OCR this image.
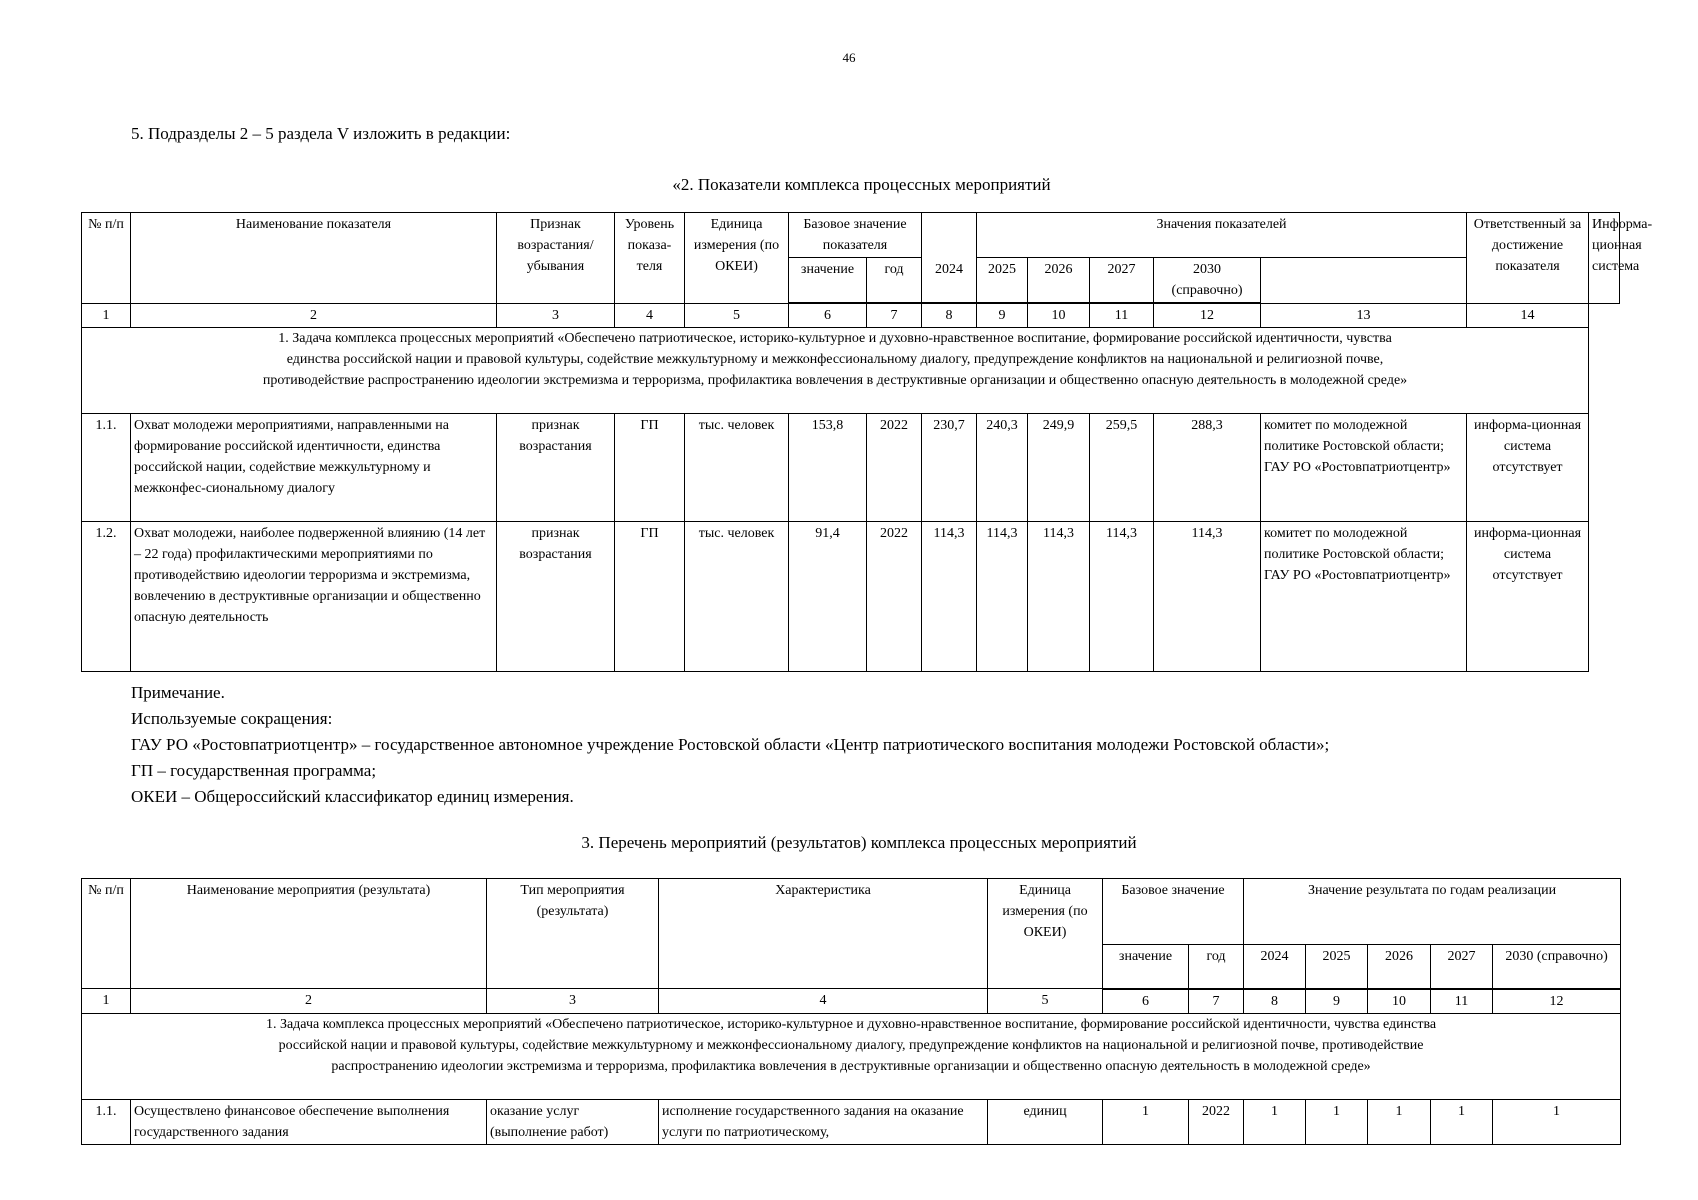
46
5. Подразделы 2 – 5 раздела V изложить в редакции:
«2. Показатели комплекса процессных мероприятий
№ п/п	Наименование показателя	Признак возрастания/ убывания	Уровень показа-теля	Единица измерения (по ОКЕИ)	Базовое значение показателя			Значения показателей					Ответственный за достижение показателя	Информа-ционная система
					значение	год	2024	2025	2026	2027	2030 (справочно)			
1	2	3	4	5	6	7	8	9	10	11	12	13	14	
1. Задача комплекса процессных мероприятий «Обеспечено патриотическое, историко-культурное и духовно-нравственное воспитание, формирование российской идентичности, чувства единства российской нации и правовой культуры, содействие межкультурному и межконфессиональному диалогу, предупреждение конфликтов на национальной и религиозной почве, противодействие распространению идеологии экстремизма и терроризма, профилактика вовлечения в деструктивные организации и общественно опасную деятельность в молодежной среде»														
1.1.	Охват молодежи мероприятиями, направленными на формирование российской идентичности, единства российской нации, содействие межкультурному и межконфес-сиональному диалогу	признак возрастания	ГП	тыс. человек	153,8	2022	230,7	240,3	249,9	259,5	288,3	комитет по молодежной политике Ростовской области; ГАУ РО «Ростовпатриотцентр»	информа-ционная система отсутствует	
1.2.	Охват молодежи, наиболее подверженной влиянию (14 лет – 22 года) профилактическими мероприятиями по противодействию идеологии терроризма и экстремизма, вовлечению в деструктивные организации и общественно опасную деятельность	признак возрастания	ГП	тыс. человек	91,4	2022	114,3	114,3	114,3	114,3	114,3	комитет по молодежной политике Ростовской области; ГАУ РО «Ростовпатриотцентр»	информа-ционная система отсутствует	
Примечание.
Используемые сокращения:
ГАУ РО «Ростовпатриотцентр» – государственное автономное учреждение Ростовской области «Центр патриотического воспитания молодежи Ростовской области»;
ГП – государственная программа;
ОКЕИ – Общероссийский классификатор единиц измерения.
3. Перечень мероприятий (результатов) комплекса процессных мероприятий
№ п/п	Наименование мероприятия (результата)	Тип мероприятия (результата)	Характеристика	Единица измерения (по ОКЕИ)	Базовое значение		Значение результата по годам реализации				
					значение	год	2024	2025	2026	2027	2030 (справочно)
1	2	3	4	5	6	7	8	9	10	11	12
1. Задача комплекса процессных мероприятий «Обеспечено патриотическое, историко-культурное и духовно-нравственное воспитание, формирование российской идентичности, чувства единства российской нации и правовой культуры, содействие межкультурному и межконфессиональному диалогу, предупреждение конфликтов на национальной и религиозной почве, противодействие распространению идеологии экстремизма и терроризма, профилактика вовлечения в деструктивные организации и общественно опасную деятельность в молодежной среде»											
1.1.	Осуществлено финансовое обеспечение выполнения государственного задания	оказание услуг (выполнение работ)	исполнение государственного задания на оказание услуги по патриотическому,	единиц	1	2022	1	1	1	1	1
